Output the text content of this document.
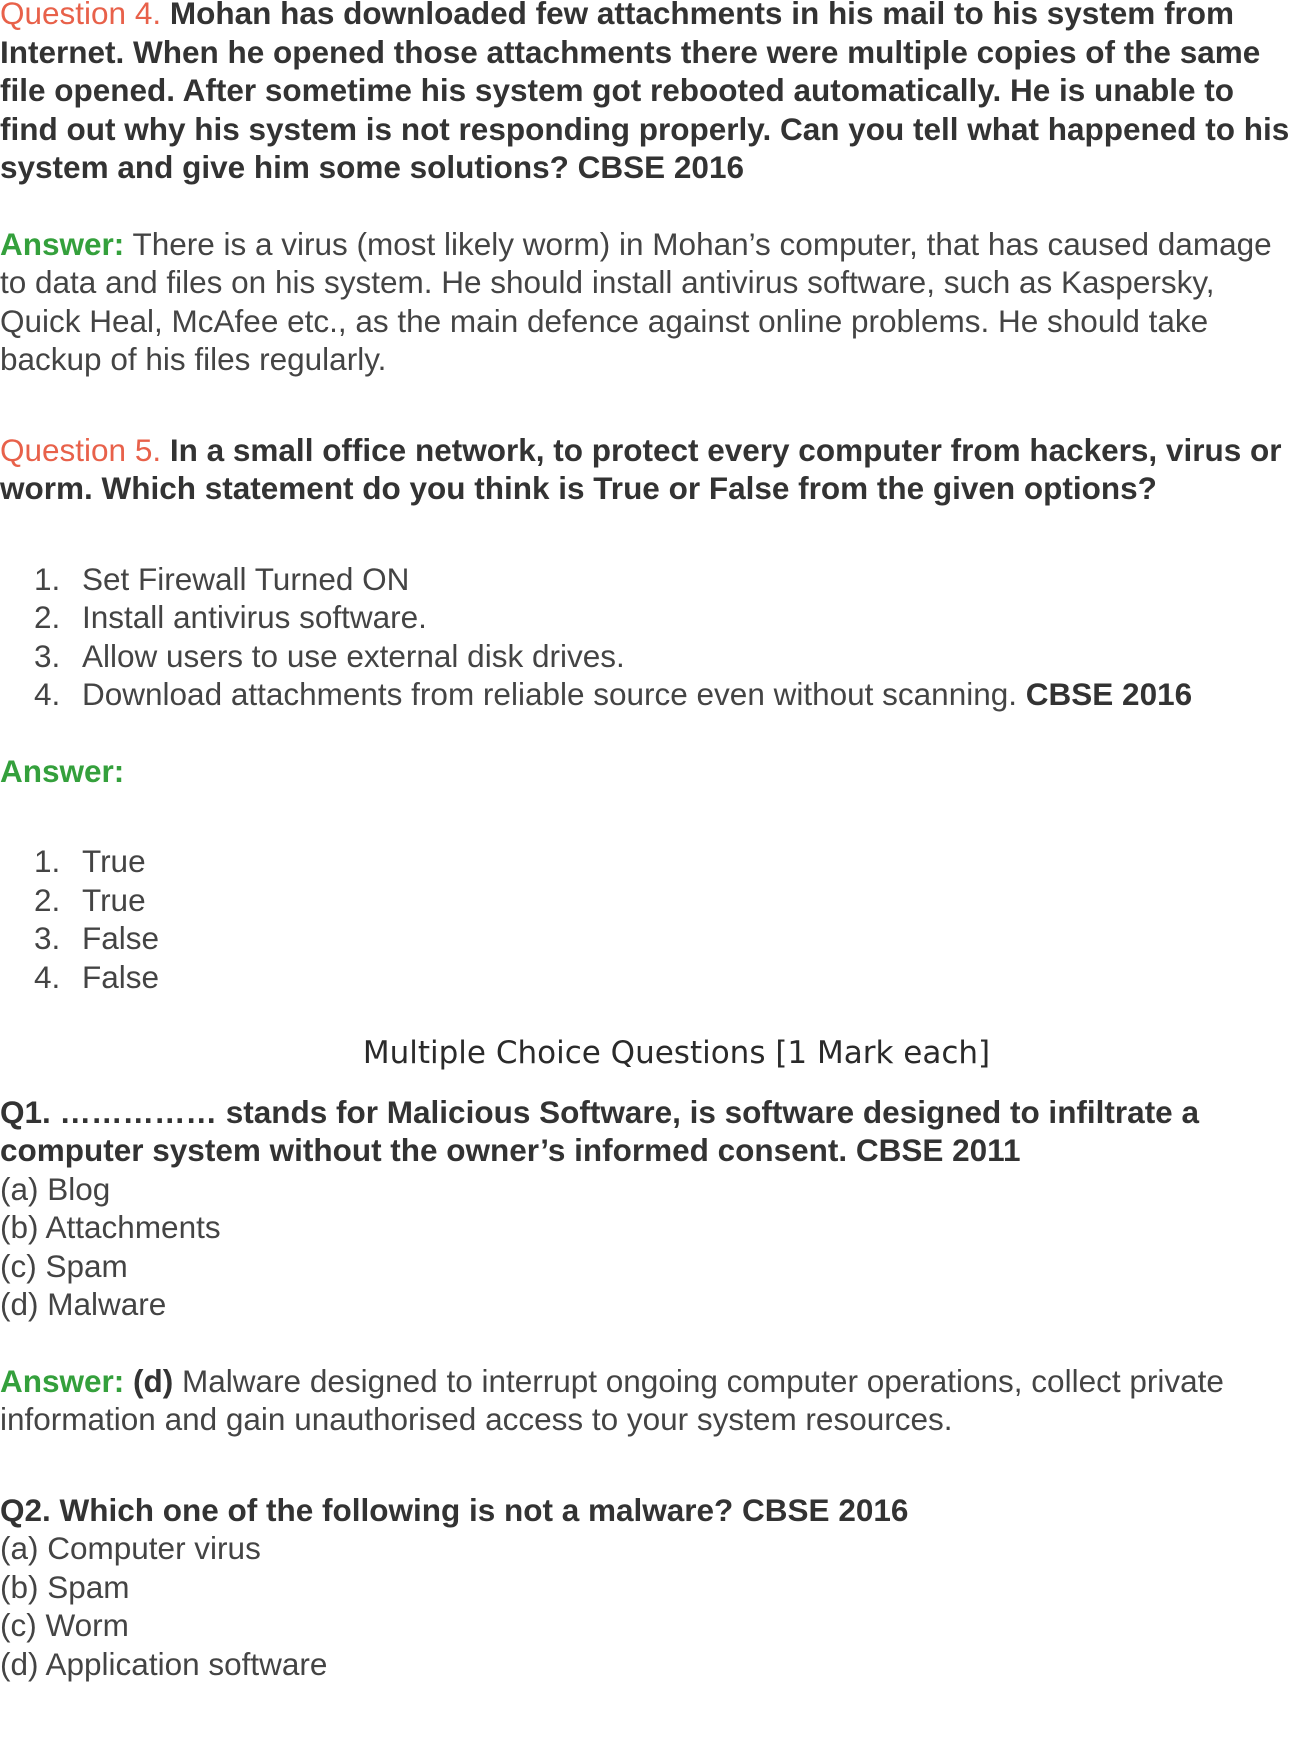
Question 4. Mohan has downloaded few attachments in his mail to his system from Internet. When he opened those attachments there were multiple copies of the same file opened. After sometime his system got rebooted automatically. He is unable to find out why his system is not responding properly. Can you tell what happened to his system and give him some solutions? CBSE 2016

Answer: There is a virus (most likely worm) in Mohan’s computer, that has caused damage to data and files on his system. He should install antivirus software, such as Kaspersky, Quick Heal, McAfee etc., as the main defence against online problems. He should take backup of his files regularly.

Question 5. In a small office network, to protect every computer from hackers, virus or worm. Which statement do you think is True or False from the given options?

1. Set Firewall Turned ON
2. Install antivirus software.
3. Allow users to use external disk drives.
4. Download attachments from reliable source even without scanning. CBSE 2016

Answer:

1. True
2. True
3. False
4. False

Multiple Choice Questions [1 Mark each]

Q1. …………… stands for Malicious Software, is software designed to infiltrate a computer system without the owner’s informed consent. CBSE 2011

(a) Blog
(b) Attachments
(c) Spam
(d) Malware

Answer: (d) Malware designed to interrupt ongoing computer operations, collect private information and gain unauthorised access to your system resources.

Q2. Which one of the following is not a malware? CBSE 2016

(a) Computer virus
(b) Spam
(c) Worm
(d) Application software
